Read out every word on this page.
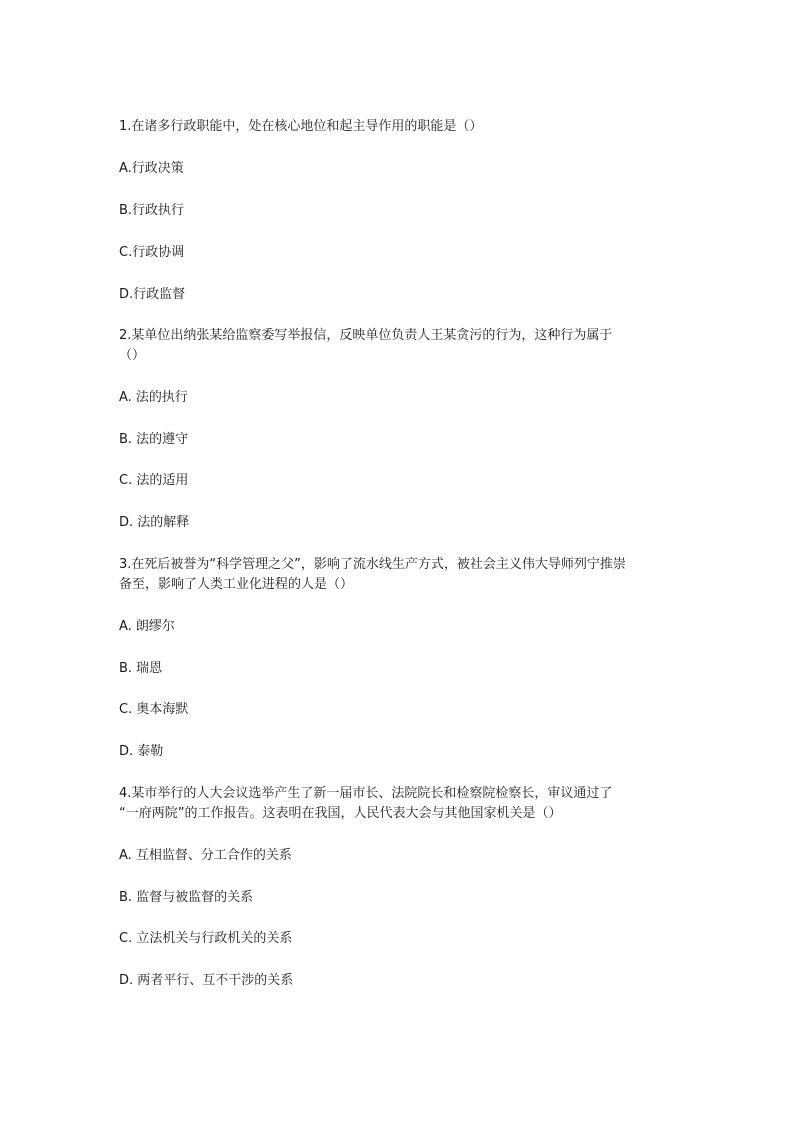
1.在诸多行政职能中，处在核心地位和起主导作用的职能是（）
A.行政决策
B.行政执行
C.行政协调
D.行政监督
2.某单位出纳张某给监察委写举报信，反映单位负责人王某贪污的行为，这种行为属于
（）
A. 法的执行
B. 法的遵守
C. 法的适用
D. 法的解释
3.在死后被誉为“科学管理之父”，影响了流水线生产方式，被社会主义伟大导师列宁推崇
备至，影响了人类工业化进程的人是（）
A. 朗缪尔
B. 瑞恩
C. 奥本海默
D. 泰勒
4.某市举行的人大会议选举产生了新一届市长、法院院长和检察院检察长，审议通过了
“一府两院”的工作报告。这表明在我国，人民代表大会与其他国家机关是（）
A. 互相监督、分工合作的关系
B. 监督与被监督的关系
C. 立法机关与行政机关的关系
D. 两者平行、互不干涉的关系
